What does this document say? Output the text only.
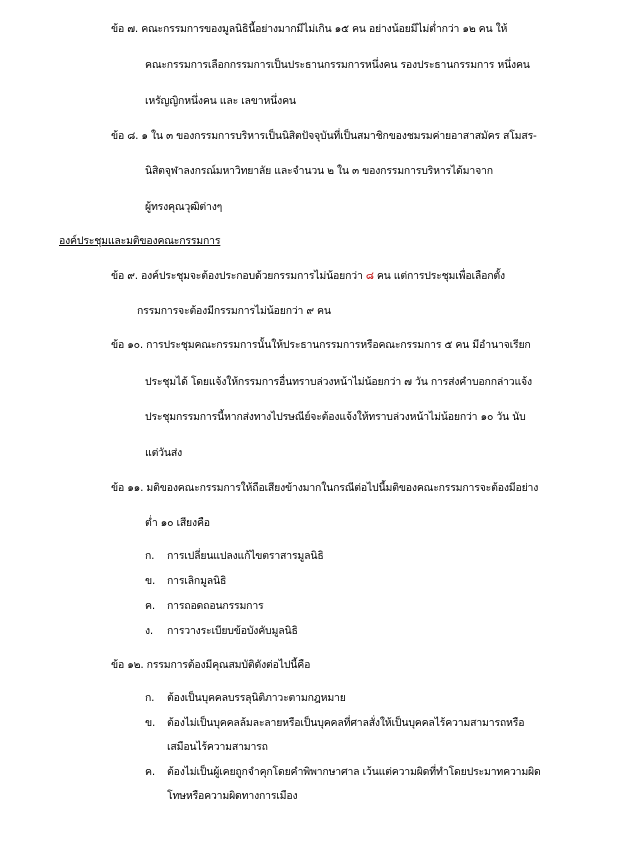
ข้อ ๗. คณะกรรมการของมูลนิธินี้อย่างมากมีไม่เกิน ๑๕ คน อย่างน้อยมีไม่ต่ำกว่า ๑๒ คน ให้
คณะกรรมการเลือกกรรมการเป็นประธานกรรมการหนึ่งคน รองประธานกรรมการ หนึ่งคน
เหรัญญิกหนึ่งคน และ เลขาหนึ่งคน
ข้อ ๘. ๑ ใน ๓ ของกรรมการบริหารเป็นนิสิตปัจจุบันที่เป็นสมาชิกของชมรมค่ายอาสาสมัคร สโมสร-
นิสิตจุฬาลงกรณ์มหาวิทยาลัย และจำนวน ๒ ใน ๓ ของกรรมการบริหารได้มาจาก
ผู้ทรงคุณวุฒิต่างๆ
องค์ประชุมและมติของคณะกรรมการ
ข้อ ๙. องค์ประชุมจะต้องประกอบด้วยกรรมการไม่น้อยกว่า ๘ คน แต่การประชุมเพื่อเลือกตั้ง
กรรมการจะต้องมีกรรมการไม่น้อยกว่า ๙ คน
ข้อ ๑๐. การประชุมคณะกรรมการนั้นให้ประธานกรรมการหรือคณะกรรมการ ๕ คน มีอำนาจเรียก
ประชุมได้ โดยแจ้งให้กรรมการอื่นทราบล่วงหน้าไม่น้อยกว่า ๗ วัน การส่งคำบอกกล่าวแจ้ง
ประชุมกรรมการนี้หากส่งทางไปรษณีย์จะต้องแจ้งให้ทราบล่วงหน้าไม่น้อยกว่า ๑๐ วัน นับ
แต่วันส่ง
ข้อ ๑๑. มติของคณะกรรมการให้ถือเสียงข้างมากในกรณีต่อไปนี้มติของคณะกรรมการจะต้องมีอย่าง
ต่ำ ๑๐ เสียงคือ
ก. การเปลี่ยนแปลงแก้ไขตราสารมูลนิธิ
ข. การเลิกมูลนิธิ
ค. การถอดถอนกรรมการ
ง. การวางระเบียบข้อบังคับมูลนิธิ
ข้อ ๑๒. กรรมการต้องมีคุณสมบัติดังต่อไปนี้คือ
ก. ต้องเป็นบุคคลบรรลุนิติภาวะตามกฎหมาย
ข. ต้องไม่เป็นบุคคลล้มละลายหรือเป็นบุคคลที่ศาลสั่งให้เป็นบุคคลไร้ความสามารถหรือ
เสมือนไร้ความสามารถ
ค. ต้องไม่เป็นผู้เคยถูกจำคุกโดยคำพิพากษาศาล เว้นแต่ความผิดที่ทำโดยประมาทความผิด
โทษหรือความผิดทางการเมือง
